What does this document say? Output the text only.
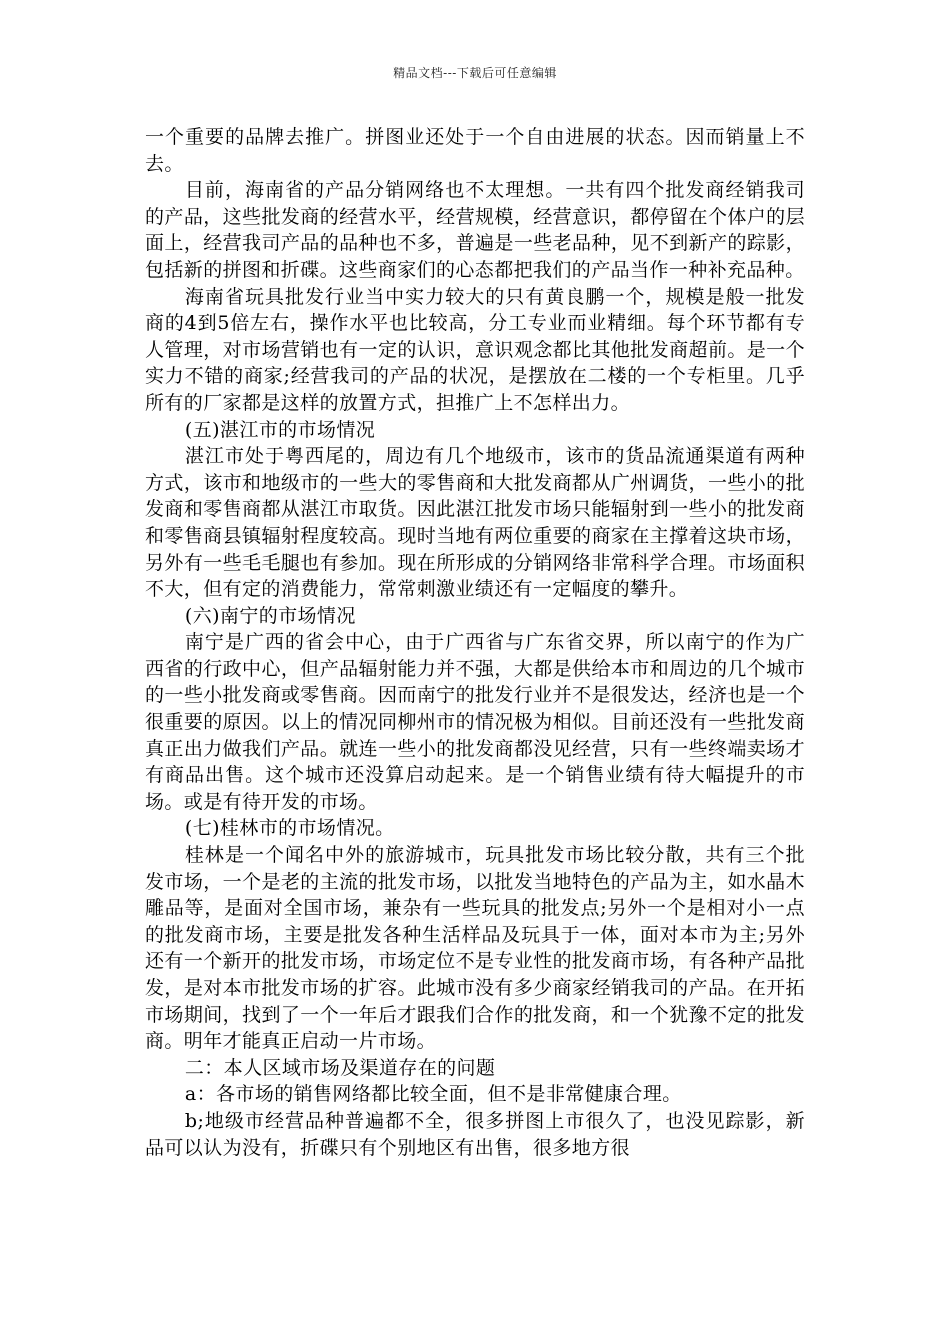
精品文档---下载后可任意编辑

一个重要的品牌去推广。拼图业还处于一个自由进展的状态。因而销量上不去。

目前，海南省的产品分销网络也不太理想。一共有四个批发商经销我司的产品，这些批发商的经营水平，经营规模，经营意识，都停留在个体户的层面上，经营我司产品的品种也不多，普遍是一些老品种，见不到新产的踪影，包括新的拼图和折碟。这些商家们的心态都把我们的产品当作一种补充品种。

海南省玩具批发行业当中实力较大的只有黄良鹏一个，规模是般一批发商的4到5倍左右，操作水平也比较高，分工专业而业精细。每个环节都有专人管理，对市场营销也有一定的认识，意识观念都比其他批发商超前。是一个实力不错的商家;经营我司的产品的状况，是摆放在二楼的一个专柜里。几乎所有的厂家都是这样的放置方式，担推广上不怎样出力。

(五)湛江市的市场情况

湛江市处于粤西尾的，周边有几个地级市，该市的货品流通渠道有两种方式，该市和地级市的一些大的零售商和大批发商都从广州调货，一些小的批发商和零售商都从湛江市取货。因此湛江批发市场只能辐射到一些小的批发商和零售商县镇辐射程度较高。现时当地有两位重要的商家在主撑着这块市场，另外有一些毛毛腿也有参加。现在所形成的分销网络非常科学合理。市场面积不大，但有定的消费能力，常常刺激业绩还有一定幅度的攀升。

(六)南宁的市场情况

南宁是广西的省会中心，由于广西省与广东省交界，所以南宁的作为广西省的行政中心，但产品辐射能力并不强，大都是供给本市和周边的几个城市的一些小批发商或零售商。因而南宁的批发行业并不是很发达，经济也是一个很重要的原因。以上的情况同柳州市的情况极为相似。目前还没有一些批发商真正出力做我们产品。就连一些小的批发商都没见经营，只有一些终端卖场才有商品出售。这个城市还没算启动起来。是一个销售业绩有待大幅提升的市场。或是有待开发的市场。

(七)桂林市的市场情况。

桂林是一个闻名中外的旅游城市，玩具批发市场比较分散，共有三个批发市场，一个是老的主流的批发市场，以批发当地特色的产品为主，如水晶木雕品等，是面对全国市场，兼杂有一些玩具的批发点;另外一个是相对小一点的批发商市场，主要是批发各种生活样品及玩具于一体，面对本市为主;另外还有一个新开的批发市场，市场定位不是专业性的批发商市场，有各种产品批发，是对本市批发市场的扩容。此城市没有多少商家经销我司的产品。在开拓市场期间，找到了一个一年后才跟我们合作的批发商，和一个犹豫不定的批发商。明年才能真正启动一片市场。

二：本人区域市场及渠道存在的问题

a：各市场的销售网络都比较全面，但不是非常健康合理。

b;地级市经营品种普遍都不全，很多拼图上市很久了，也没见踪影，新品可以认为没有，折碟只有个别地区有出售，很多地方很
